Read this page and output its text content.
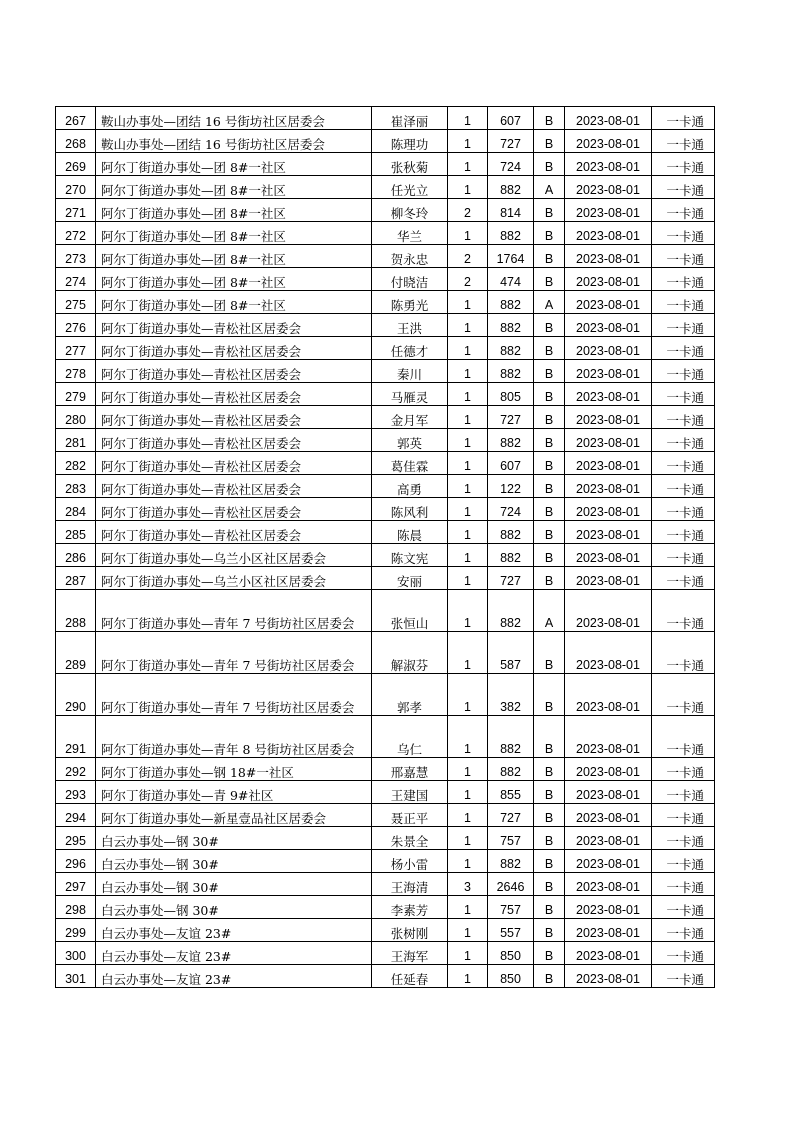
267	鞍山办事处—团结 16 号街坊社区居委会	崔泽丽	1	607	B	2023-08-01	一卡通
268	鞍山办事处—团结 16 号街坊社区居委会	陈理功	1	727	B	2023-08-01	一卡通
269	阿尔丁街道办事处—团 8#一社区	张秋菊	1	724	B	2023-08-01	一卡通
270	阿尔丁街道办事处—团 8#一社区	任光立	1	882	A	2023-08-01	一卡通
271	阿尔丁街道办事处—团 8#一社区	柳冬玲	2	814	B	2023-08-01	一卡通
272	阿尔丁街道办事处—团 8#一社区	华兰	1	882	B	2023-08-01	一卡通
273	阿尔丁街道办事处—团 8#一社区	贺永忠	2	1764	B	2023-08-01	一卡通
274	阿尔丁街道办事处—团 8#一社区	付晓洁	2	474	B	2023-08-01	一卡通
275	阿尔丁街道办事处—团 8#一社区	陈勇光	1	882	A	2023-08-01	一卡通
276	阿尔丁街道办事处—青松社区居委会	王洪	1	882	B	2023-08-01	一卡通
277	阿尔丁街道办事处—青松社区居委会	任德才	1	882	B	2023-08-01	一卡通
278	阿尔丁街道办事处—青松社区居委会	秦川	1	882	B	2023-08-01	一卡通
279	阿尔丁街道办事处—青松社区居委会	马雁灵	1	805	B	2023-08-01	一卡通
280	阿尔丁街道办事处—青松社区居委会	金月军	1	727	B	2023-08-01	一卡通
281	阿尔丁街道办事处—青松社区居委会	郭英	1	882	B	2023-08-01	一卡通
282	阿尔丁街道办事处—青松社区居委会	葛佳霖	1	607	B	2023-08-01	一卡通
283	阿尔丁街道办事处—青松社区居委会	高勇	1	122	B	2023-08-01	一卡通
284	阿尔丁街道办事处—青松社区居委会	陈风利	1	724	B	2023-08-01	一卡通
285	阿尔丁街道办事处—青松社区居委会	陈晨	1	882	B	2023-08-01	一卡通
286	阿尔丁街道办事处—乌兰小区社区居委会	陈文宪	1	882	B	2023-08-01	一卡通
287	阿尔丁街道办事处—乌兰小区社区居委会	安丽	1	727	B	2023-08-01	一卡通
288	阿尔丁街道办事处—青年 7 号街坊社区居委会	张恒山	1	882	A	2023-08-01	一卡通
289	阿尔丁街道办事处—青年 7 号街坊社区居委会	解淑芬	1	587	B	2023-08-01	一卡通
290	阿尔丁街道办事处—青年 7 号街坊社区居委会	郭孝	1	382	B	2023-08-01	一卡通
291	阿尔丁街道办事处—青年 8 号街坊社区居委会	乌仁	1	882	B	2023-08-01	一卡通
292	阿尔丁街道办事处—钢 18#一社区	邢嘉慧	1	882	B	2023-08-01	一卡通
293	阿尔丁街道办事处—青 9#社区	王建国	1	855	B	2023-08-01	一卡通
294	阿尔丁街道办事处—新星壹品社区居委会	聂正平	1	727	B	2023-08-01	一卡通
295	白云办事处—钢 30#	朱景全	1	757	B	2023-08-01	一卡通
296	白云办事处—钢 30#	杨小雷	1	882	B	2023-08-01	一卡通
297	白云办事处—钢 30#	王海清	3	2646	B	2023-08-01	一卡通
298	白云办事处—钢 30#	李素芳	1	757	B	2023-08-01	一卡通
299	白云办事处—友谊 23#	张树刚	1	557	B	2023-08-01	一卡通
300	白云办事处—友谊 23#	王海军	1	850	B	2023-08-01	一卡通
301	白云办事处—友谊 23#	任延春	1	850	B	2023-08-01	一卡通
